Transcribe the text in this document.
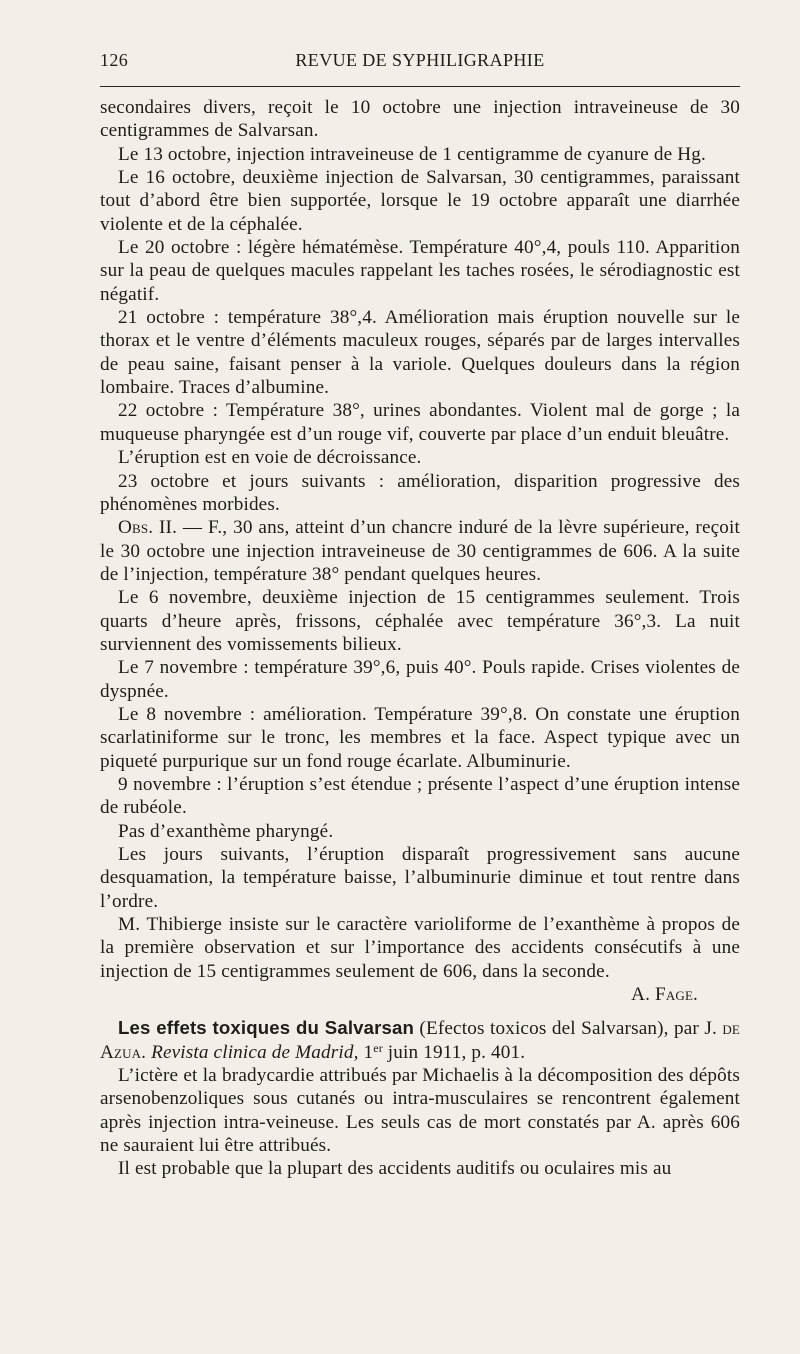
126	REVUE DE SYPHILIGRAPHIE

secondaires divers, reçoit le 10 octobre une injection intraveineuse de 30 centigrammes de Salvarsan.

Le 13 octobre, injection intraveineuse de 1 centigramme de cyanure de Hg.

Le 16 octobre, deuxième injection de Salvarsan, 30 centigrammes, paraissant tout d’abord être bien supportée, lorsque le 19 octobre apparaît une diarrhée violente et de la céphalée.

Le 20 octobre : légère hématémèse. Température 40°,4, pouls 110. Apparition sur la peau de quelques macules rappelant les taches rosées, le sérodiagnostic est négatif.

21 octobre : température 38°,4. Amélioration mais éruption nouvelle sur le thorax et le ventre d’éléments maculeux rouges, séparés par de larges intervalles de peau saine, faisant penser à la variole. Quelques douleurs dans la région lombaire. Traces d’albumine.

22 octobre : Température 38°, urines abondantes. Violent mal de gorge ; la muqueuse pharyngée est d’un rouge vif, couverte par place d’un enduit bleuâtre.

L’éruption est en voie de décroissance.

23 octobre et jours suivants : amélioration, disparition progressive des phénomènes morbides.

Obs. II. — F., 30 ans, atteint d’un chancre induré de la lèvre supérieure, reçoit le 30 octobre une injection intraveineuse de 30 centigrammes de 606. A la suite de l’injection, température 38° pendant quelques heures.

Le 6 novembre, deuxième injection de 15 centigrammes seulement. Trois quarts d’heure après, frissons, céphalée avec température 36°,3. La nuit surviennent des vomissements bilieux.

Le 7 novembre : température 39°,6, puis 40°. Pouls rapide. Crises violentes de dyspnée.

Le 8 novembre : amélioration. Température 39°,8. On constate une éruption scarlatiniforme sur le tronc, les membres et la face. Aspect typique avec un piqueté purpurique sur un fond rouge écarlate. Albuminurie.

9 novembre : l’éruption s’est étendue ; présente l’aspect d’une éruption intense de rubéole.

Pas d’exanthème pharyngé.

Les jours suivants, l’éruption disparaît progressivement sans aucune desquamation, la température baisse, l’albuminurie diminue et tout rentre dans l’ordre.

M. Thibierge insiste sur le caractère varioliforme de l’exanthème à propos de la première observation et sur l’importance des accidents consécutifs à une injection de 15 centigrammes seulement de 606, dans la seconde.

A. Fage.

Les effets toxiques du Salvarsan (Efectos toxicos del Salvarsan), par J. de Azua. Revista clinica de Madrid, 1er juin 1911, p. 401.

L’ictère et la bradycardie attribués par Michaelis à la décomposition des dépôts arsenobenzoliques sous cutanés ou intra-musculaires se rencontrent également après injection intra-veineuse. Les seuls cas de mort constatés par A. après 606 ne sauraient lui être attribués.

Il est probable que la plupart des accidents auditifs ou oculaires mis au
